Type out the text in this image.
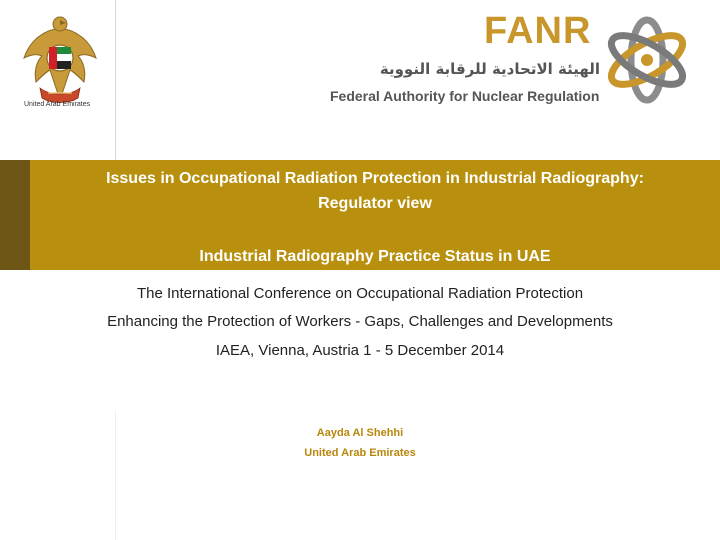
United Arab Emirates
FANR
الهيئة الاتحادية للرقابة النووية
Federal Authority for Nuclear Regulation
Issues in Occupational Radiation Protection in Industrial Radiography:
Regulator view
Industrial Radiography Practice Status in UAE
The International Conference on Occupational Radiation Protection
Enhancing the Protection of Workers - Gaps, Challenges and Developments
IAEA, Vienna, Austria 1 - 5 December 2014
Aayda Al Shehhi
United Arab Emirates
